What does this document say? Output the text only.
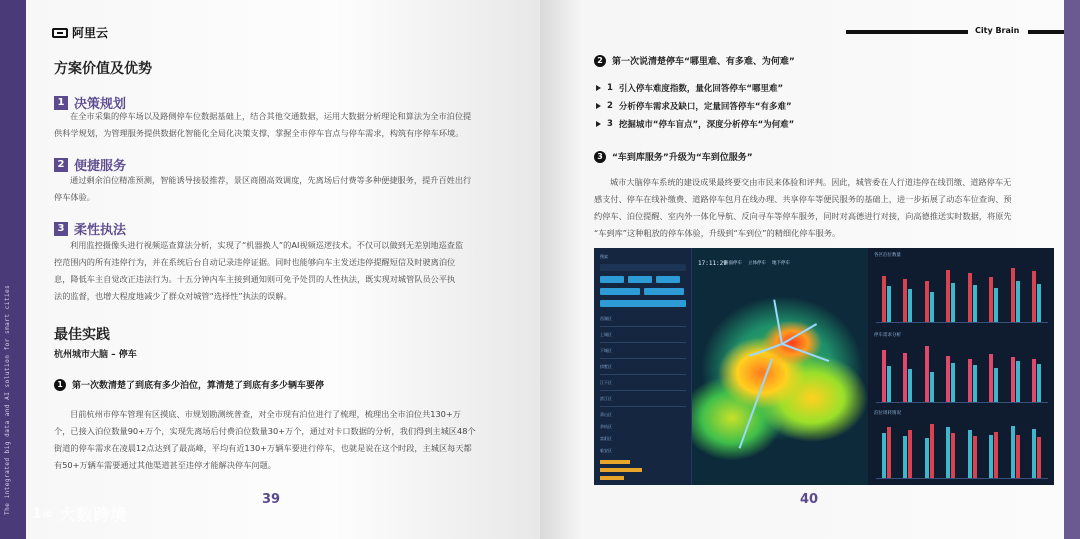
The integrated big data and AI solution for smart cities
阿里云
方案价值及优势
1 决策规划
在全市采集的停车场以及路侧停车位数据基础上，结合其他交通数据，运用大数据分析理论和算法为全市泊位提
供科学规划，为管理服务提供数据化智能化全局化决策支撑，掌握全市停车盲点与停车需求，构筑有序停车环境。
2 便捷服务
通过剩余泊位精准预测，智能诱导接驳推荐，景区商圈高效调度，先离场后付费等多种便捷服务，提升百姓出行
停车体验。
3 柔性执法
利用监控摄像头进行视频巡查算法分析，实现了“机器换人”的AI视频巡逻技术。不仅可以做到无差别地巡查监
控范围内的所有违停行为，并在系统后台自动记录违停证据。同时也能够向车主发送违停提醒短信及时驶离泊位
息，降低车主自觉改正违法行为。十五分钟内车主接到通知则可免予处罚的人性执法，既实现对城管队员公平执
法的监督，也增大程度地减少了群众对城管“选择性”执法的误解。
最佳实践
杭州城市大脑 – 停车
1	第一次数清楚了到底有多少泊位，算清楚了到底有多少辆车要停
目前杭州市停车管理有区摸底、市规划勘测统普查，对全市现有泊位进行了梳理，梳理出全市泊位共130+万
个，已接入泊位数量90+万个，实现先离场后付费泊位数量30+万个，通过对卡口数据的分析，我们得到主城区48个
街道的停车需求在凌晨12点达到了最高峰，平均有近130+万辆车要进行停车，也就是说在这个时段，主城区每天都
有50+万辆车需要通过其他渠道甚至违停才能解决停车问题。
39
City Brain
2	第一次说清楚停车“哪里难、有多难、为何难”
1 引入停车难度指数，量化回答停车“哪里难”
2 分析停车需求及缺口，定量回答停车“有多难”
3 挖掘城市“停车盲点”，深度分析停车“为何难”
3	“车到库服务”升级为“车到位服务”
城市大脑停车系统的建设成果最终要交由市民来体验和评判。因此，城管委在人行道违停在线罚缴、道路停车无
感支付、停车在线补缴费、道路停车包月在线办理、共享停车等便民服务的基础上，进一步拓展了动态车位查询、预
约停车、泊位提醒、室内外一体化导航、反向寻车等停车服务，同时对高德进行对接，向高德推送实时数据，将原先
“车到库”这种粗放的停车体验，升级到“车到位”的精细化停车服务。
搜索
西湖区
上城区
下城区
拱墅区
江干区
滨江区
萧山区
余杭区
富阳区
临安区
17:11:29
路面停车 立体停车 地下停车
各区泊位数量
停车需求分析
泊位周转情况
40
1∞ 大数跨境
